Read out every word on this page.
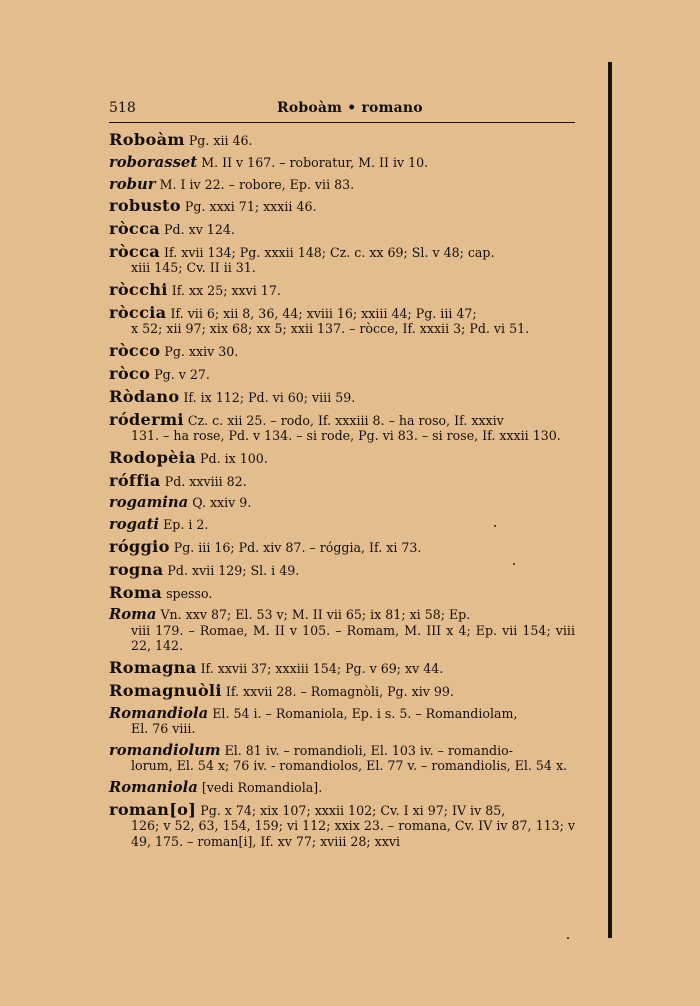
518	Roboàm • romano
Roboàm Pg. xii 46.
roborasset M. II v 167. – roboratur, M. II iv 10.
robur M. I iv 22. – robore, Ep. vii 83.
robusto Pg. xxxi 71; xxxii 46.
ròcca Pd. xv 124.
ròcca If. xvii 134; Pg. xxxii 148; Cz. c. xx 69; Sl. v 48; cap.
xiii 145; Cv. II ii 31.
ròcchi If. xx 25; xxvi 17.
ròccia If. vii 6; xii 8, 36, 44; xviii 16; xxiii 44; Pg. iii 47;
x 52; xii 97; xix 68; xx 5; xxii 137. – ròcce, If. xxxii 3; Pd. vi 51.
ròcco Pg. xxiv 30.
ròco Pg. v 27.
Ròdano If. ix 112; Pd. vi 60; viii 59.
ródermi Cz. c. xii 25. – rodo, If. xxxiii 8. – ha roso, If. xxxiv
131. – ha rose, Pd. v 134. – si rode, Pg. vi 83. – si rose, If. xxxii 130.
Rodopèia Pd. ix 100.
róffia Pd. xxviii 82.
rogamina Q. xxiv 9.
rogati Ep. i 2.
róggio Pg. iii 16; Pd. xiv 87. – róggia, If. xi 73.
rogna Pd. xvii 129; Sl. i 49.
Roma spesso.
Roma Vn. xxv 87; El. 53 v; M. II vii 65; ix 81; xi 58; Ep.
viii 179. – Romae, M. II v 105. – Romam, M. III x 4; Ep. vii 154; viii 22, 142.
Romagna If. xxvii 37; xxxiii 154; Pg. v 69; xv 44.
Romagnuòli If. xxvii 28. – Romagnòli, Pg. xiv 99.
Romandiola El. 54 i. – Romaniola, Ep. i s. 5. – Romandiolam,
El. 76 viii.
romandiolum El. 81 iv. – romandioli, El. 103 iv. – romandio-
lorum, El. 54 x; 76 iv. - romandiolos, El. 77 v. – romandiolis, El. 54 x.
Romaniola [vedi Romandiola].
roman[o] Pg. x 74; xix 107; xxxii 102; Cv. I xi 97; IV iv 85,
126; v 52, 63, 154, 159; vi 112; xxix 23. – romana, Cv. IV iv 87, 113; v 49, 175. – roman[i], If. xv 77; xviii 28; xxvi
